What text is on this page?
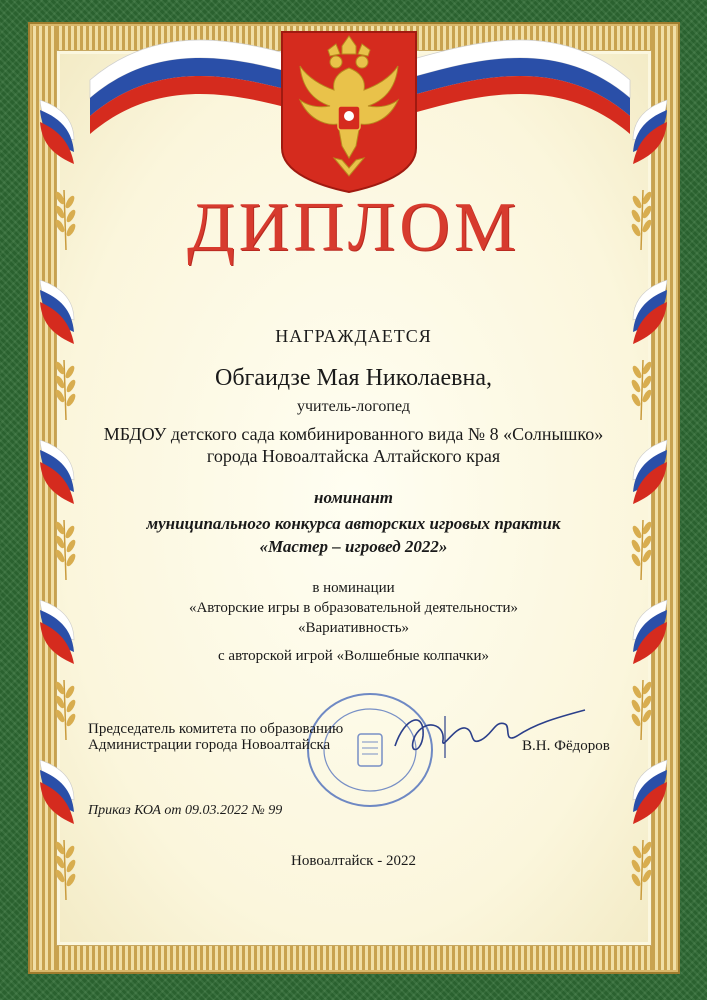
ДИПЛОМ
НАГРАЖДАЕТСЯ
Обгаидзе Мая Николаевна,
учитель-логопед
МБДОУ детского сада комбинированного вида № 8 «Солнышко»
города Новоалтайска Алтайского края
номинант
муниципального конкурса авторских игровых практик
«Мастер – игровед 2022»
в номинации
«Авторские игры в образовательной деятельности»
«Вариативность»
с авторской игрой «Волшебные колпачки»
Председатель комитета по образованию
Администрации города Новоалтайска	В.Н. Фёдоров
Приказ КОА от 09.03.2022 № 99
Новоалтайск - 2022
